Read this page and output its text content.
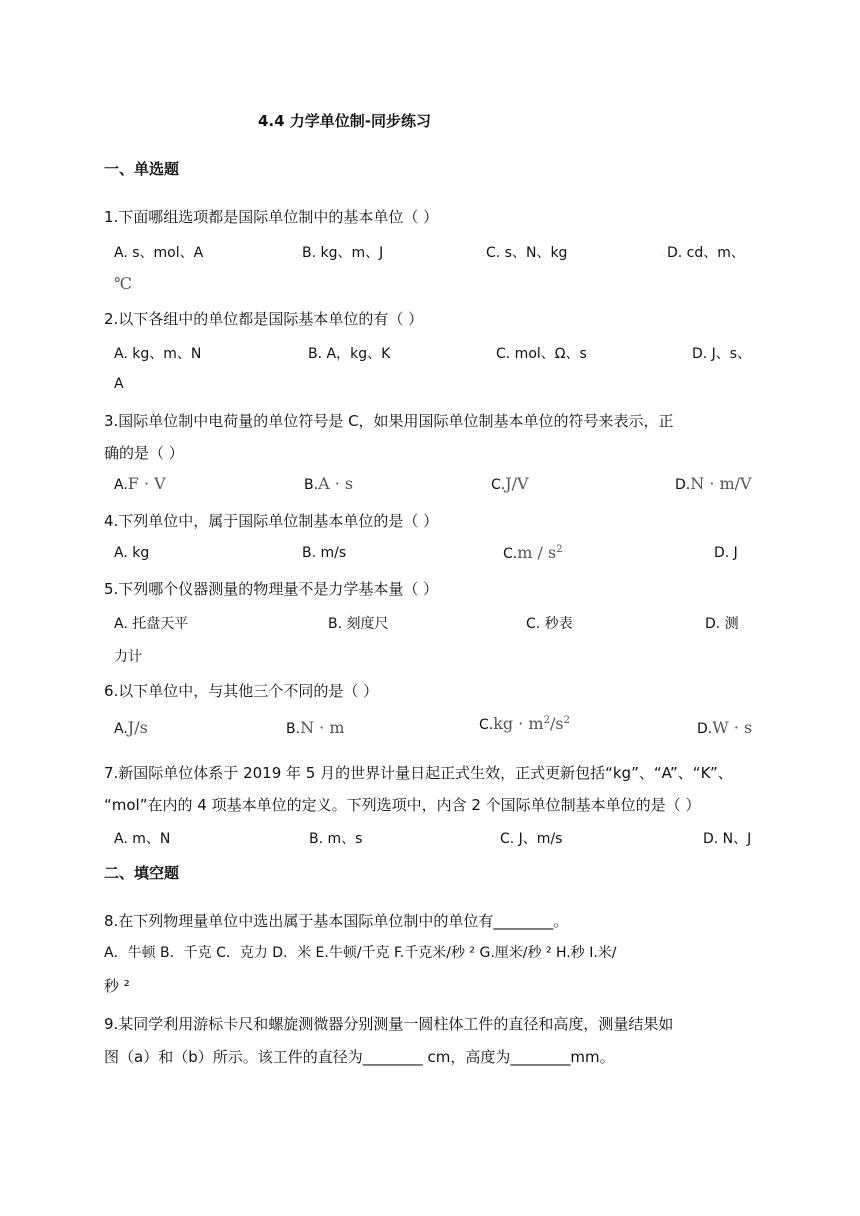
4.4 力学单位制-同步练习
一、单选题
1.下面哪组选项都是国际单位制中的基本单位（ ）
A. s、mol、A	. B. kg、m、J	. C. s、N、kg	. D. cd、m、
℃
2.以下各组中的单位都是国际基本单位的有（ ）
A. kg、m、N	B. A，kg、K	C. mol、Ω、s	D. J、s、
A
3.国际单位制中电荷量的单位符号是 C，如果用国际单位制基本单位的符号来表示，正
确的是（ ）
A.F · V	B.A · s	C.J/V	D.N · m/V
4.下列单位中，属于国际单位制基本单位的是（ ）
A. kg	B. m/s	$C.m / s^2$	D. J
5.下列哪个仪器测量的物理量不是力学基本量（ ）
A. 托盘天平	B. 刻度尺	C. 秒表	D. 测
力计
6.以下单位中，与其他三个不同的是（ ）
A.J/s	B.N · m	$C.kg \cdot m^2/s^2$
D.W · s
7.新国际单位体系于 2019 年 5 月的世界计量日起正式生效，正式更新包括“kg”、“A”、“K”、
“mol”在内的 4 项基本单位的定义。下列选项中，内含 2 个国际单位制基本单位的是（ ）
A. m、N	B. m、s	C. J、m/s	D. N、J
二、填空题
8.在下列物理量单位中选出属于基本国际单位制中的单位有________。
A．牛顿 B．千克 C．克力 D．米 E.牛顿/千克 F.千克米/秒 ² G.厘米/秒 ² H.秒 I.米/
秒 ²
9.某同学利用游标卡尺和螺旋测微器分别测量一圆柱体工件的直径和高度，测量结果如
图（a）和（b）所示。该工件的直径为________ cm，高度为________mm。
